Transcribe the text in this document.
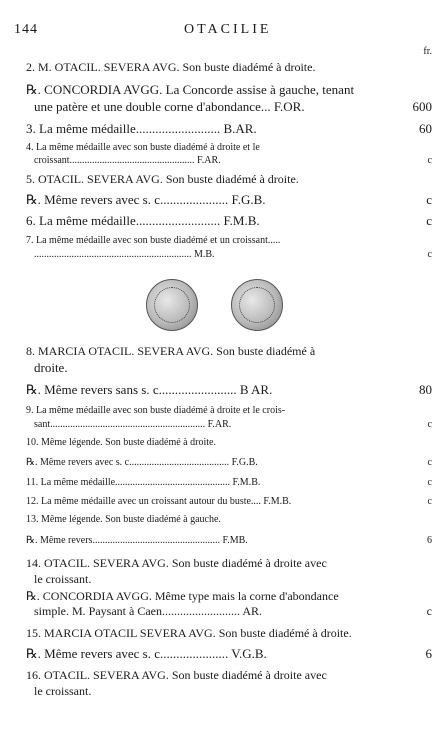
144	OTACILIE
fr.
2. M. OTACIL. SEVERA AVG. Son buste diadémé à droite.
℞. CONCORDIA AVGG. La Concorde assise à gauche, tenant
une patère et une double corne d'abondance... F.OR.	600
3. La même médaille.......................... B.AR.	60
4. La même médaille avec son buste diadémé à droite et le
croissant.................................................. F.AR.	c
5. OTACIL. SEVERA AVG. Son buste diadémé à droite.
℞. Même revers avec s. c..................... F.G.B.	c
6. La même médaille.......................... F.M.B.	c
7. La même médaille avec son buste diadémé et un croissant.....
............................................................... M.B.	c
8. MARCIA OTACIL. SEVERA AVG. Son buste diadémé à
droite.
℞. Même revers sans s. c........................ B AR.	80
9. La même médaille avec son buste diadémé à droite et le crois-
sant.............................................................. F.AR.	c
10. Même légende. Son buste diadémé à droite.
℞. Même revers avec s. c........................................ F.G.B.	c
11. La même médaille.............................................. F.M.B.	c
12. La même médaille avec un croissant autour du buste.... F.M.B.	c
13. Même légende. Son buste diadémé à gauche.
℞. Même revers................................................... F.MB.	6
14. OTACIL. SEVERA AVG. Son buste diadémé à droite avec
le croissant.
℞. CONCORDIA AVGG. Même type mais la corne d'abondance
simple. M. Paysant à Caen.......................... AR.	c
15. MARCIA OTACIL SEVERA AVG. Son buste diadémé à droite.
℞. Même revers avec s. c..................... V.G.B.	6
16. OTACIL. SEVERA AVG. Son buste diadémé à droite avec
le croissant.
